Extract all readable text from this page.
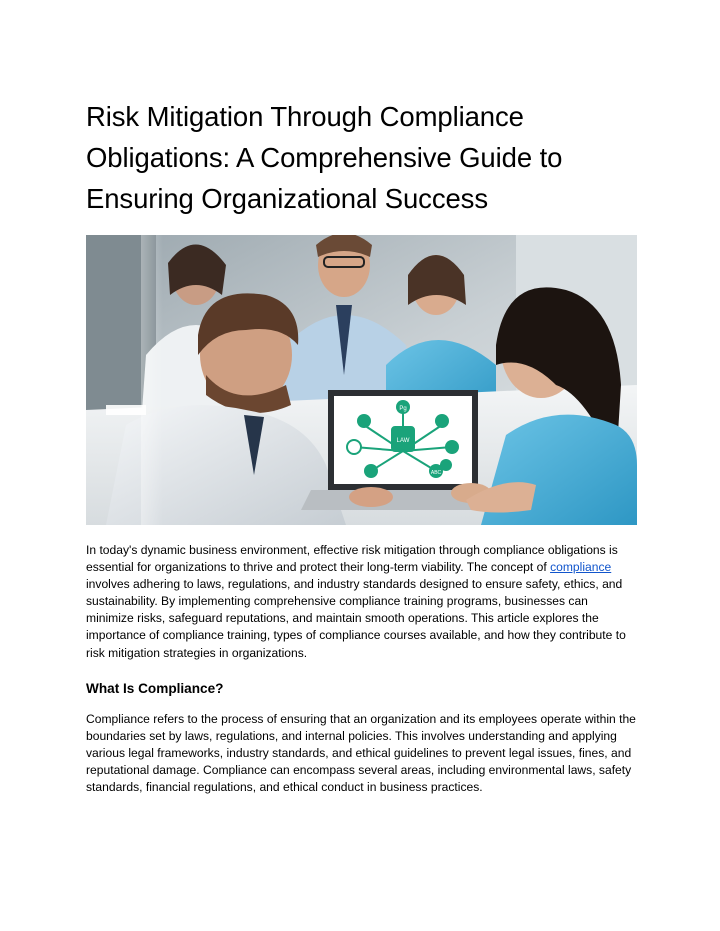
Risk Mitigation Through Compliance Obligations: A Comprehensive Guide to Ensuring Organizational Success
Pg
LAW
ABC

In today's dynamic business environment, effective risk mitigation through compliance obligations is essential for organizations to thrive and protect their long-term viability. The concept of compliance involves adhering to laws, regulations, and industry standards designed to ensure safety, ethics, and sustainability. By implementing comprehensive compliance training programs, businesses can minimize risks, safeguard reputations, and maintain smooth operations. This article explores the importance of compliance training, types of compliance courses available, and how they contribute to risk mitigation strategies in organizations.

What Is Compliance?

Compliance refers to the process of ensuring that an organization and its employees operate within the boundaries set by laws, regulations, and internal policies. This involves understanding and applying various legal frameworks, industry standards, and ethical guidelines to prevent legal issues, fines, and reputational damage. Compliance can encompass several areas, including environmental laws, safety standards, financial regulations, and ethical conduct in business practices.
